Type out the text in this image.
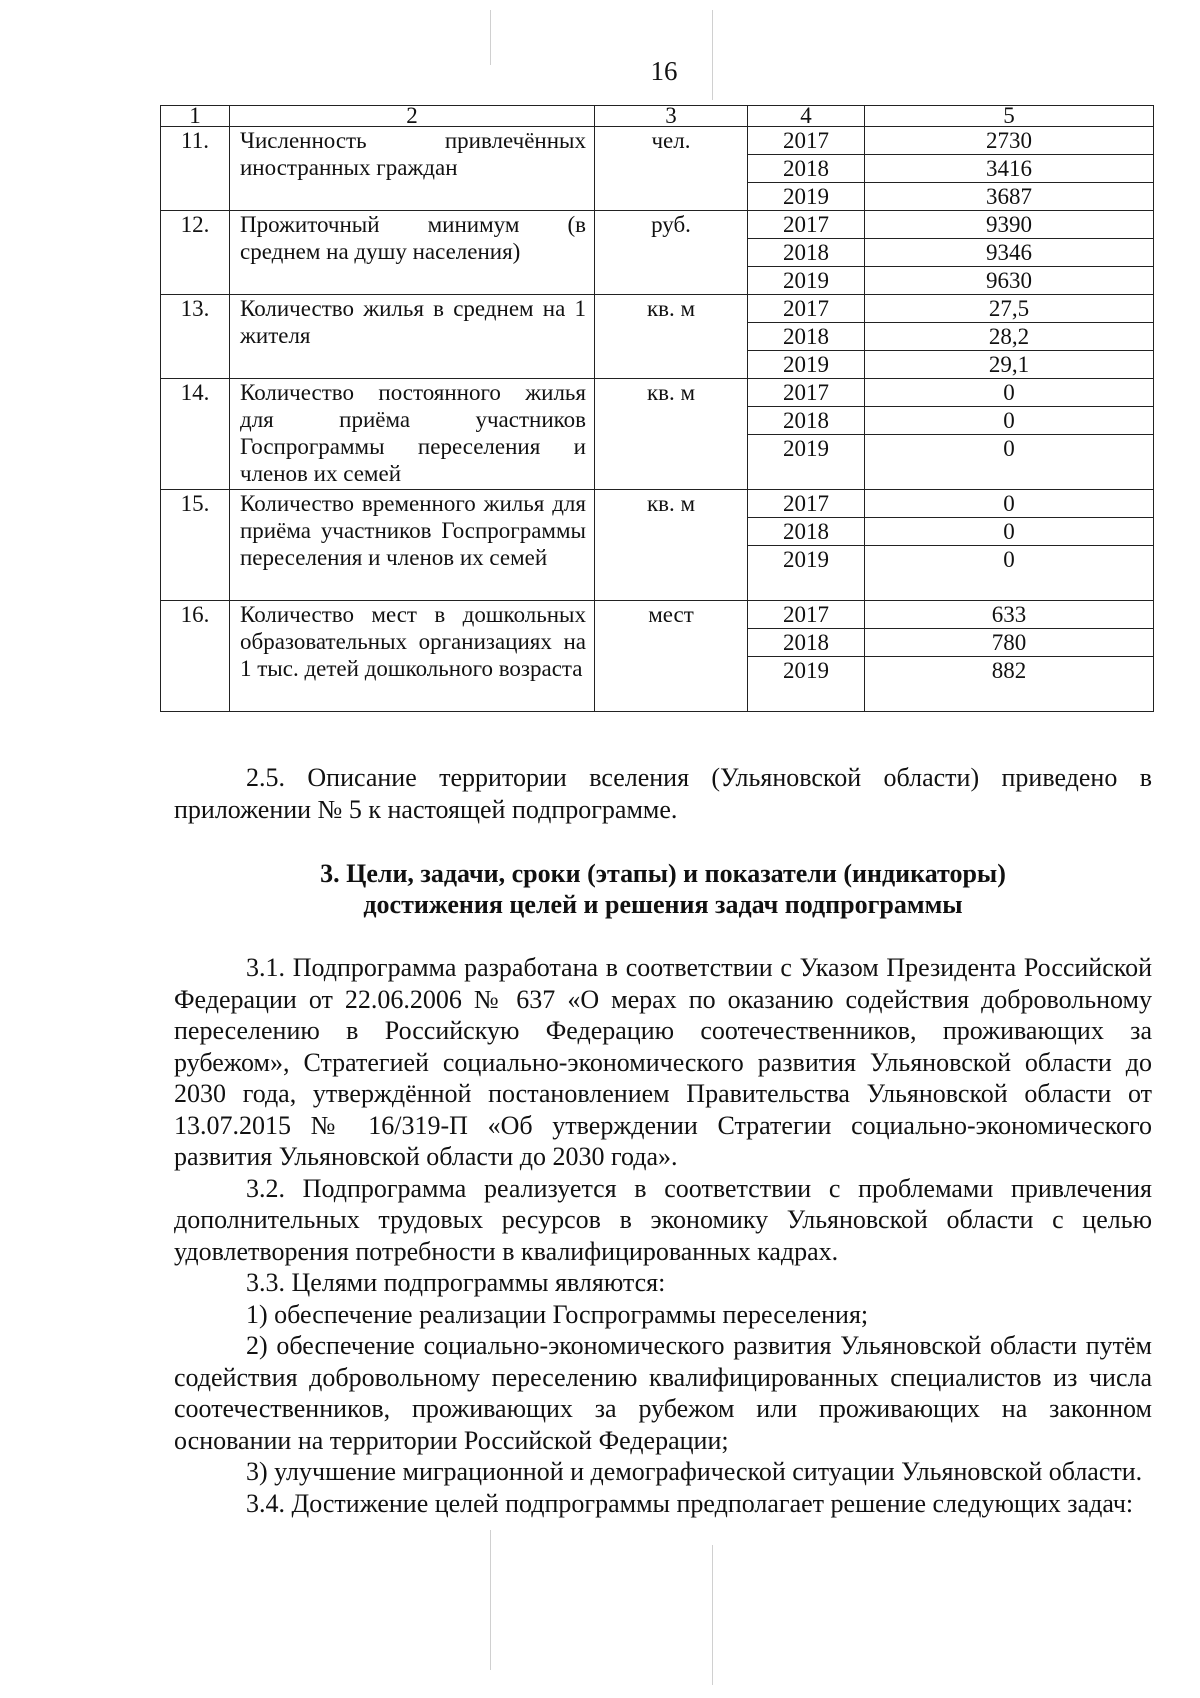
16
1	2	3	4	5
11.	Численность привлечённых иностранных граждан	чел.	2017	2730
			2018	3416
			2019	3687
12.	Прожиточный минимум (в среднем на душу населения)	руб.	2017	9390
			2018	9346
			2019	9630
13.	Количество жилья в среднем на 1 жителя	кв. м	2017	27,5
			2018	28,2
			2019	29,1
14.	Количество постоянного жилья для приёма участников Госпрограммы переселения и членов их семей	кв. м	2017	0
			2018	0
			2019	0
15.	Количество временного жилья для приёма участников Госпрограммы переселения и членов их семей	кв. м	2017	0
			2018	0
			2019	0
16.	Количество мест в дошкольных образовательных организациях на 1 тыс. детей дошкольного возраста	мест	2017	633
			2018	780
			2019	882

2.5. Описание территории вселения (Ульяновской области) приведено в приложении № 5 к настоящей подпрограмме.

3. Цели, задачи, сроки (этапы) и показатели (индикаторы)
достижения целей и решения задач подпрограммы

3.1. Подпрограмма разработана в соответствии с Указом Президента Российской Федерации от 22.06.2006 № 637 «О мерах по оказанию содействия добровольному переселению в Российскую Федерацию соотечественников, проживающих за рубежом», Стратегией социально-экономического развития Ульяновской области до 2030 года, утверждённой постановлением Правительства Ульяновской области от 13.07.2015 № 16/319-П «Об утверждении Стратегии социально-экономического развития Ульяновской области до 2030 года».

3.2. Подпрограмма реализуется в соответствии с проблемами привлечения дополнительных трудовых ресурсов в экономику Ульяновской области с целью удовлетворения потребности в квалифицированных кадрах.

3.3. Целями подпрограммы являются:

1) обеспечение реализации Госпрограммы переселения;

2) обеспечение социально-экономического развития Ульяновской области путём содействия добровольному переселению квалифицированных специалистов из числа соотечественников, проживающих за рубежом или проживающих на законном основании на территории Российской Федерации;

3) улучшение миграционной и демографической ситуации Ульяновской области.

3.4. Достижение целей подпрограммы предполагает решение следующих задач:
